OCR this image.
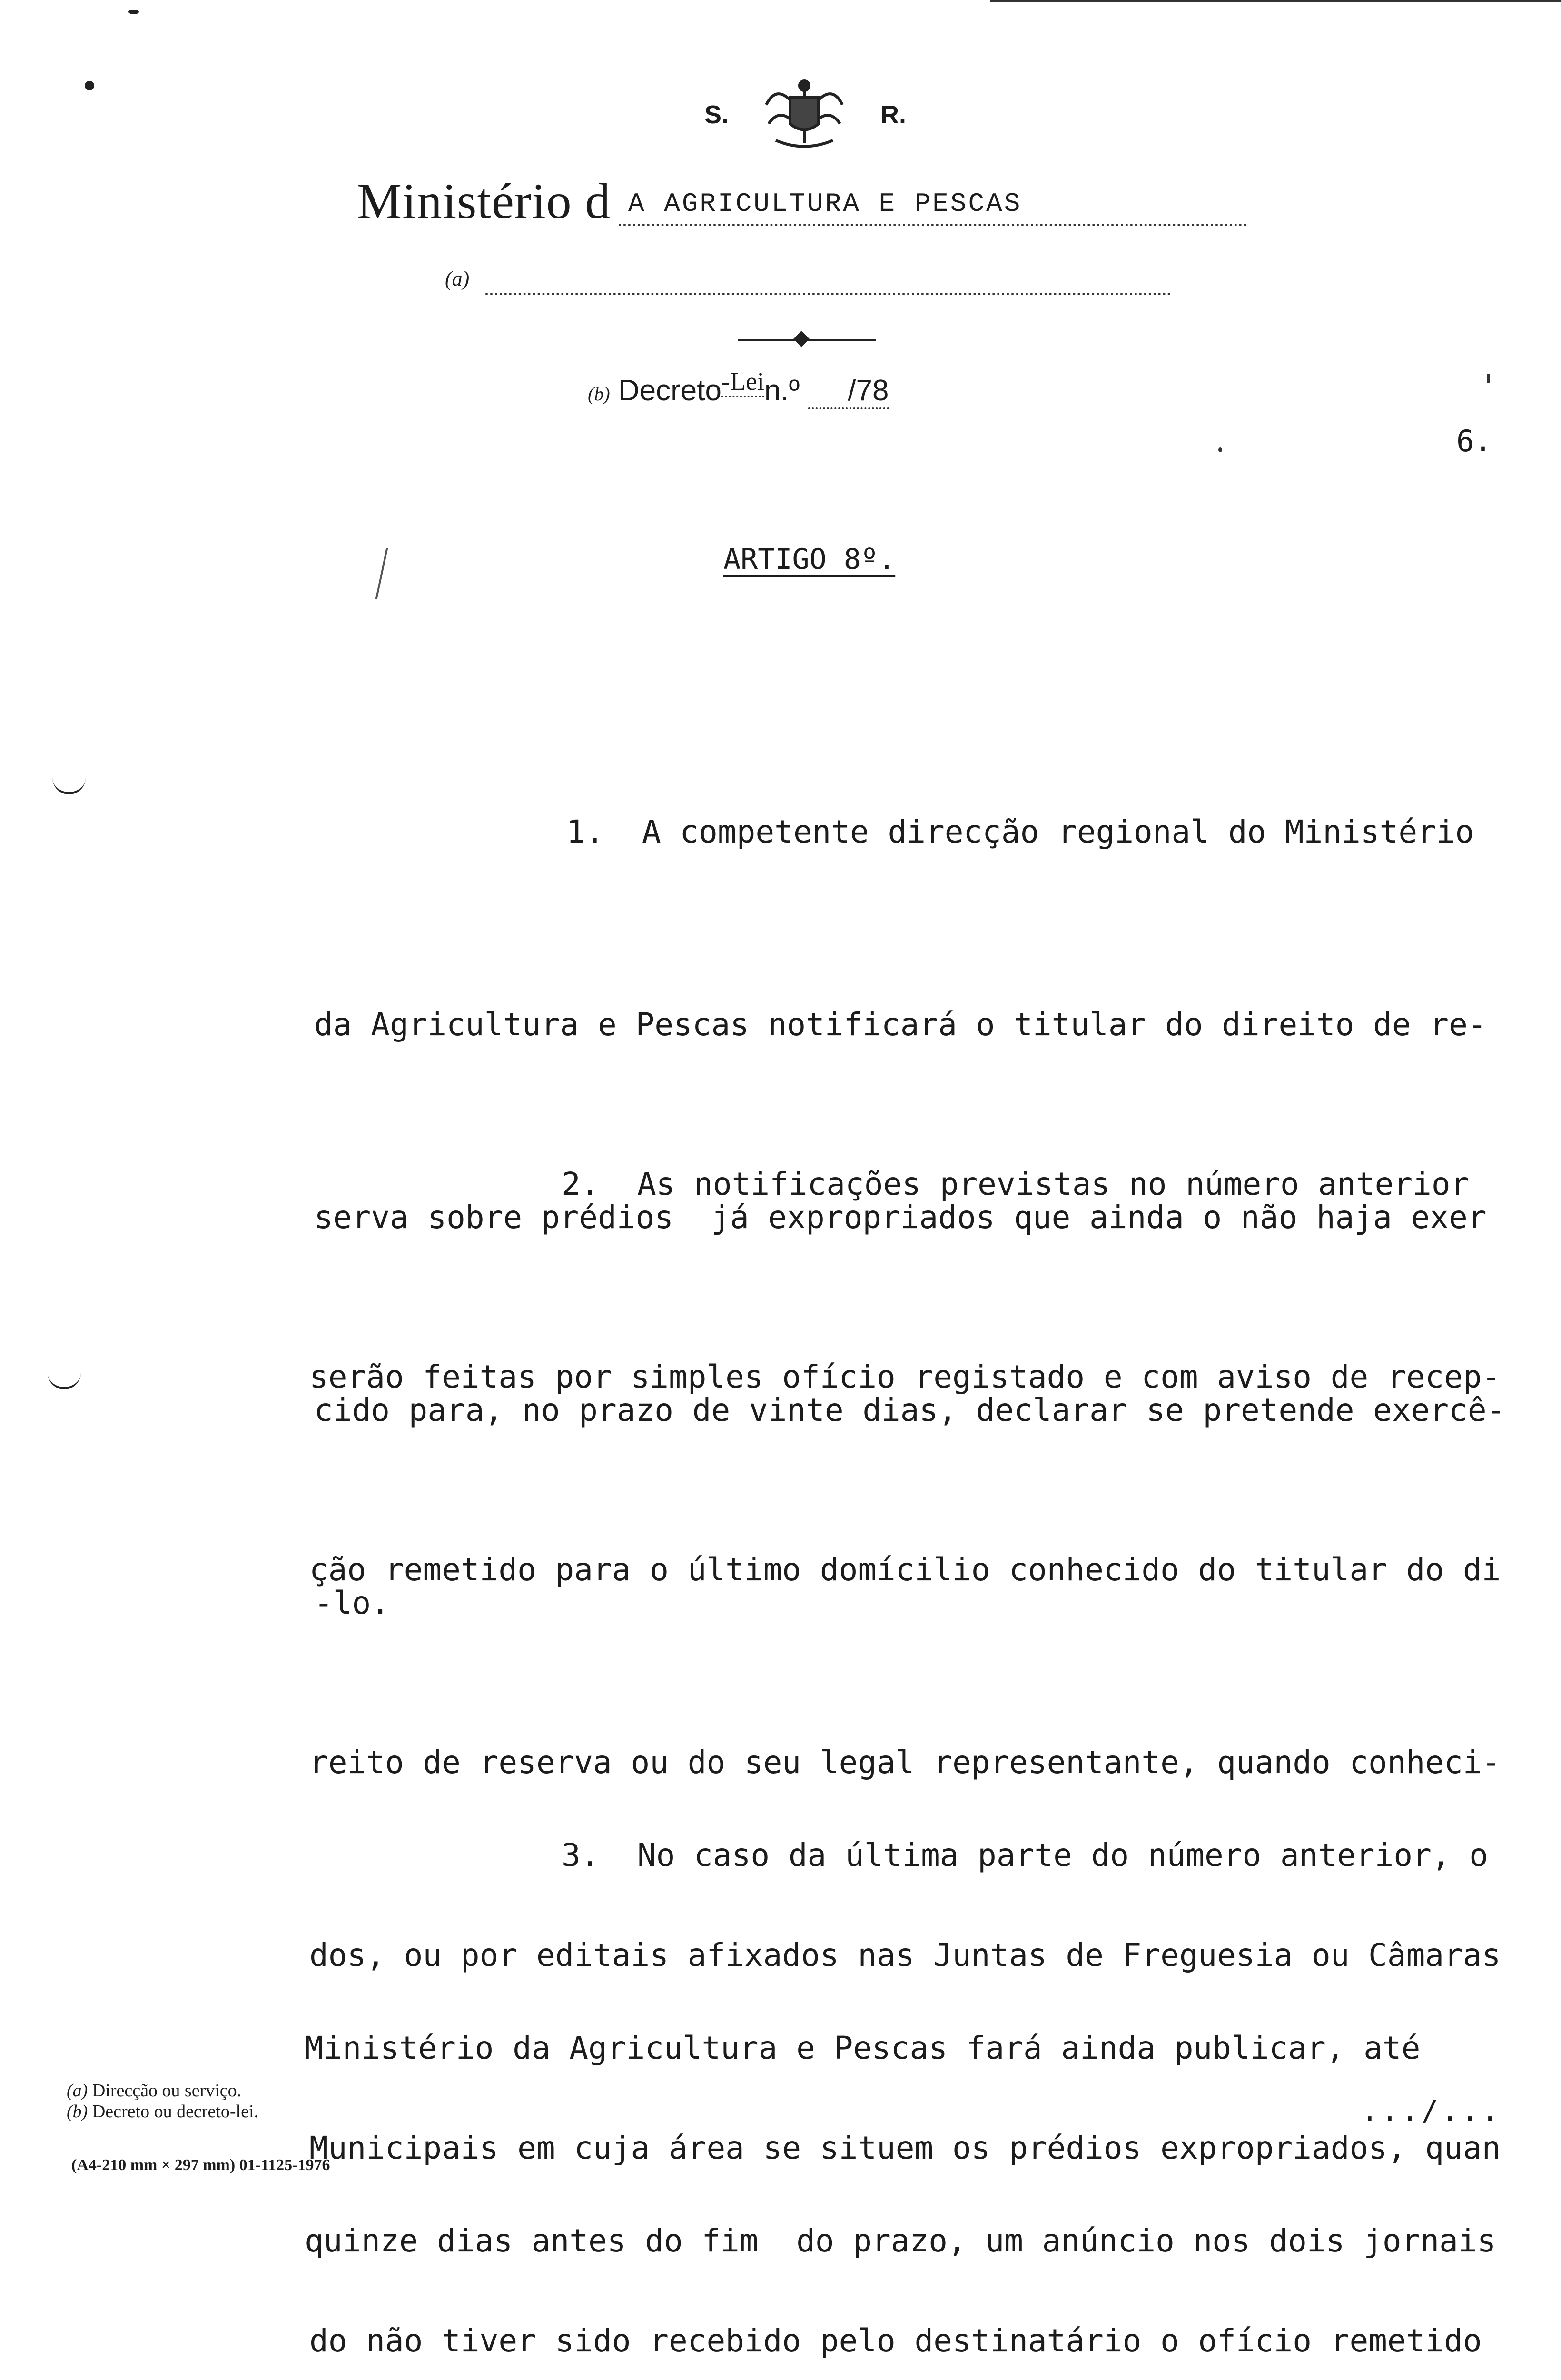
S.	R.
Ministério d A AGRICULTURA E PESCAS
(a)
(b) Decreto-Lein.º /78
6.
ARTIGO 8º.

1.  A competente direcção regional do Ministério

da Agricultura e Pescas notificará o titular do direito de re-

serva sobre prédios  já expropriados que ainda o não haja exer

cido para, no prazo de vinte dias, declarar se pretende exercê-

-lo.

2.  As notificações previstas no número anterior

serão feitas por simples ofício registado e com aviso de recep-

ção remetido para o último domícilio conhecido do titular do di

reito de reserva ou do seu legal representante, quando conheci-

dos, ou por editais afixados nas Juntas de Freguesia ou Câmaras

Municipais em cuja área se situem os prédios expropriados, quan

do não tiver sido recebido pelo destinatário o ofício remetido

3.  No caso da última parte do número anterior, o

Ministério da Agricultura e Pescas fará ainda publicar, até

quinze dias antes do fim  do prazo, um anúncio nos dois jornais

(a) Direcção ou serviço.
(b) Decreto ou decreto-lei.
(A4-210 mm × 297 mm) 01-1125-1976
.../...
